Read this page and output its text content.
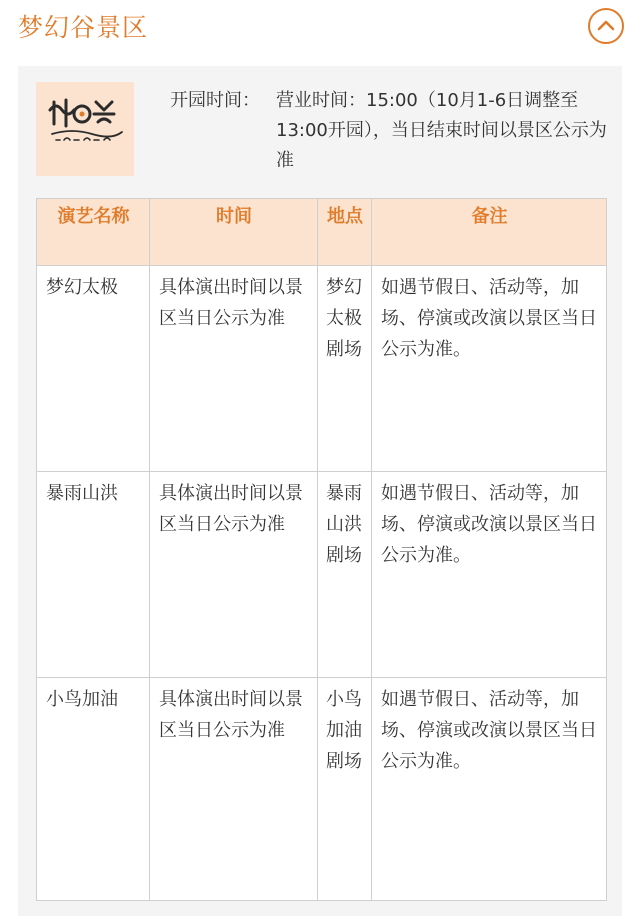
梦幻谷景区
开园时间： 营业时间：15:00（10月1-6日调整至13:00开园），当日结束时间以景区公示为准
演艺名称	时间	地点	备注
梦幻太极	具体演出时间以景区当日公示为准	梦幻太极剧场	如遇节假日、活动等，加场、停演或改演以景区当日公示为准。
暴雨山洪	具体演出时间以景区当日公示为准	暴雨山洪剧场	如遇节假日、活动等，加场、停演或改演以景区当日公示为准。
小鸟加油	具体演出时间以景区当日公示为准	小鸟加油剧场	如遇节假日、活动等，加场、停演或改演以景区当日公示为准。
